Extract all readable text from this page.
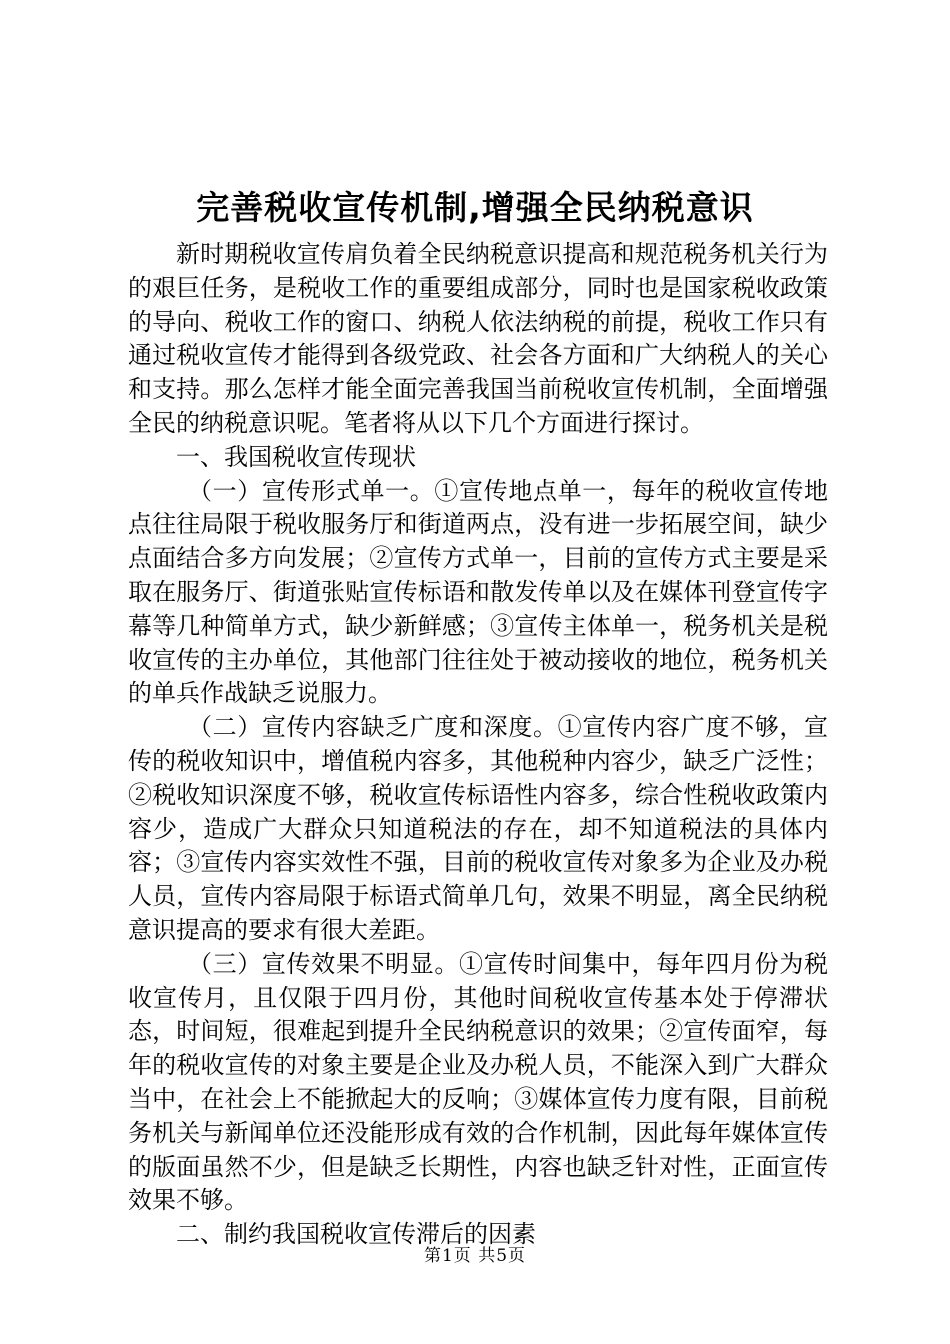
完善税收宣传机制,增强全民纳税意识

新时期税收宣传肩负着全民纳税意识提高和规范税务机关行为的艰巨任务，是税收工作的重要组成部分，同时也是国家税收政策的导向、税收工作的窗口、纳税人依法纳税的前提，税收工作只有通过税收宣传才能得到各级党政、社会各方面和广大纳税人的关心和支持。那么怎样才能全面完善我国当前税收宣传机制，全面增强全民的纳税意识呢。笔者将从以下几个方面进行探讨。

一、我国税收宣传现状

（一）宣传形式单一。①宣传地点单一，每年的税收宣传地点往往局限于税收服务厅和街道两点，没有进一步拓展空间，缺少点面结合多方向发展；②宣传方式单一，目前的宣传方式主要是采取在服务厅、街道张贴宣传标语和散发传单以及在媒体刊登宣传字幕等几种简单方式，缺少新鲜感；③宣传主体单一，税务机关是税收宣传的主办单位，其他部门往往处于被动接收的地位，税务机关的单兵作战缺乏说服力。

（二）宣传内容缺乏广度和深度。①宣传内容广度不够，宣传的税收知识中，增值税内容多，其他税种内容少，缺乏广泛性；②税收知识深度不够，税收宣传标语性内容多，综合性税收政策内容少，造成广大群众只知道税法的存在，却不知道税法的具体内容；③宣传内容实效性不强，目前的税收宣传对象多为企业及办税人员，宣传内容局限于标语式简单几句，效果不明显，离全民纳税意识提高的要求有很大差距。

（三）宣传效果不明显。①宣传时间集中，每年四月份为税收宣传月，且仅限于四月份，其他时间税收宣传基本处于停滞状态，时间短，很难起到提升全民纳税意识的效果；②宣传面窄，每年的税收宣传的对象主要是企业及办税人员，不能深入到广大群众当中，在社会上不能掀起大的反响；③媒体宣传力度有限，目前税务机关与新闻单位还没能形成有效的合作机制，因此每年媒体宣传的版面虽然不少，但是缺乏长期性，内容也缺乏针对性，正面宣传效果不够。

二、制约我国税收宣传滞后的因素

第1页 共5页
